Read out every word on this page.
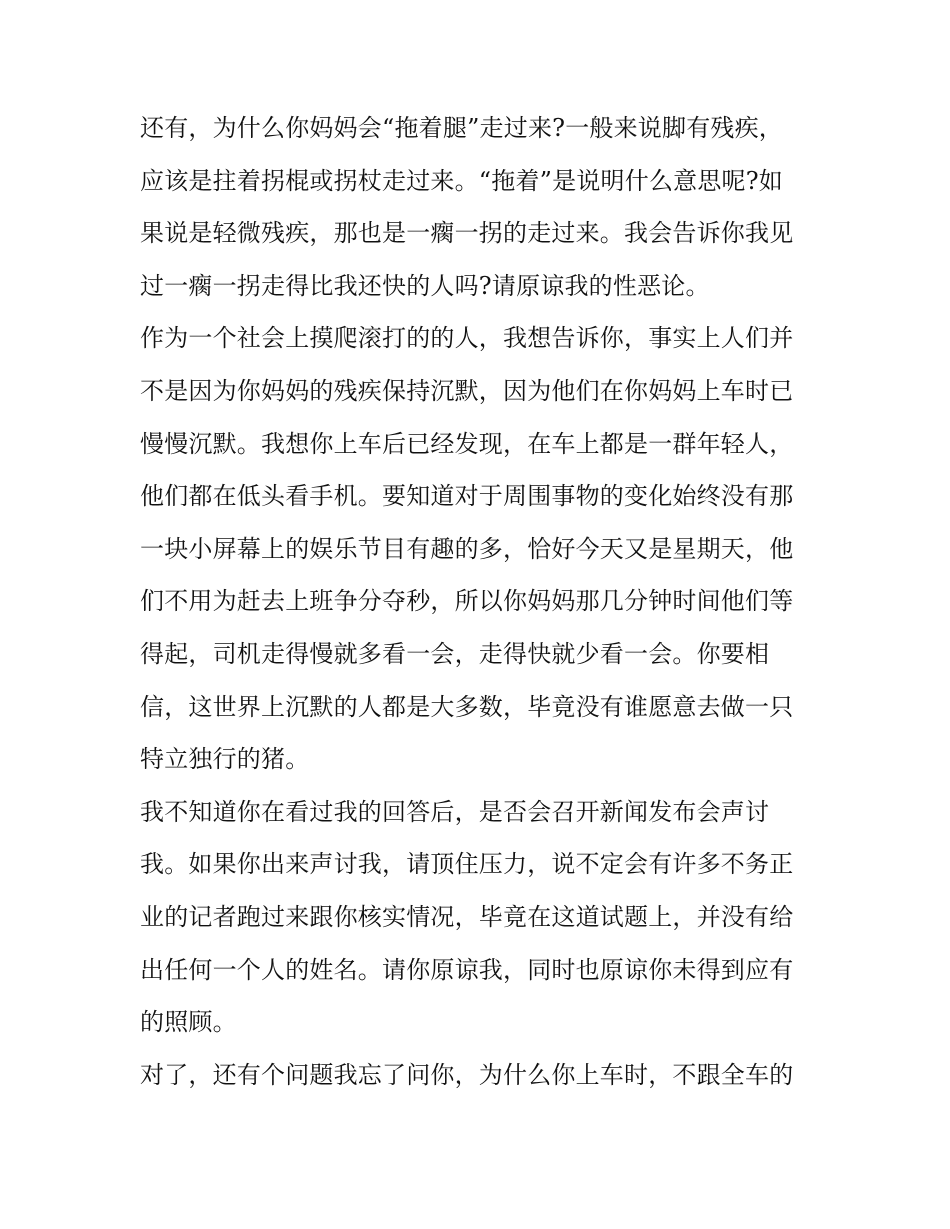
还有，为什么你妈妈会“拖着腿”走过来?一般来说脚有残疾，
应该是拄着拐棍或拐杖走过来。“拖着”是说明什么意思呢?如
果说是轻微残疾，那也是一瘸一拐的走过来。我会告诉你我见
过一瘸一拐走得比我还快的人吗?请原谅我的性恶论。
作为一个社会上摸爬滚打的的人，我想告诉你，事实上人们并
不是因为你妈妈的残疾保持沉默，因为他们在你妈妈上车时已
慢慢沉默。我想你上车后已经发现，在车上都是一群年轻人，
他们都在低头看手机。要知道对于周围事物的变化始终没有那
一块小屏幕上的娱乐节目有趣的多，恰好今天又是星期天，他
们不用为赶去上班争分夺秒，所以你妈妈那几分钟时间他们等
得起，司机走得慢就多看一会，走得快就少看一会。你要相
信，这世界上沉默的人都是大多数，毕竟没有谁愿意去做一只
特立独行的猪。
我不知道你在看过我的回答后，是否会召开新闻发布会声讨
我。如果你出来声讨我，请顶住压力，说不定会有许多不务正
业的记者跑过来跟你核实情况，毕竟在这道试题上，并没有给
出任何一个人的姓名。请你原谅我，同时也原谅你未得到应有
的照顾。
对了，还有个问题我忘了问你，为什么你上车时，不跟全车的
